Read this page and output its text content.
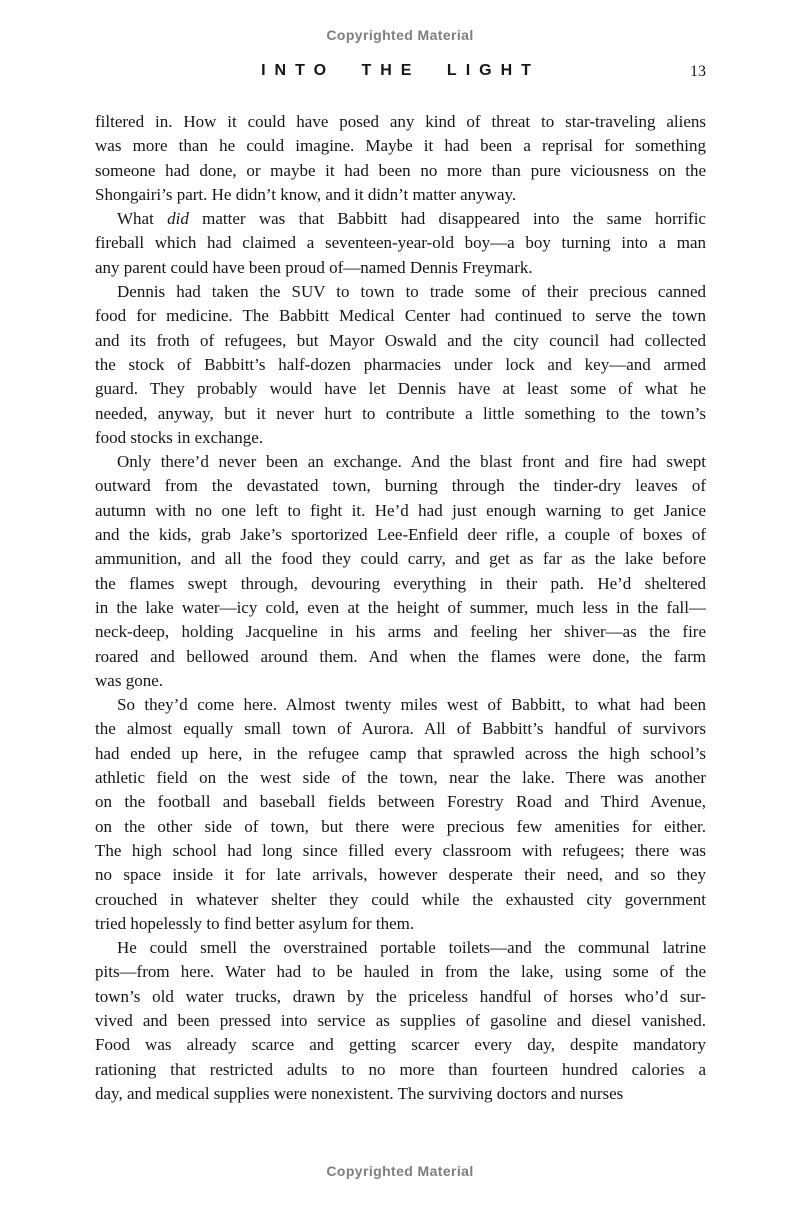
Copyrighted Material
INTO THE LIGHT	13
filtered in. How it could have posed any kind of threat to star-traveling aliens
was more than he could imagine. Maybe it had been a reprisal for something
someone had done, or maybe it had been no more than pure viciousness on the
Shongairi’s part. He didn’t know, and it didn’t matter anyway.
What did matter was that Babbitt had disappeared into the same horrific
fireball which had claimed a seventeen-year-old boy—a boy turning into a man
any parent could have been proud of—named Dennis Freymark.
Dennis had taken the SUV to town to trade some of their precious canned
food for medicine. The Babbitt Medical Center had continued to serve the town
and its froth of refugees, but Mayor Oswald and the city council had collected
the stock of Babbitt’s half-dozen pharmacies under lock and key—and armed
guard. They probably would have let Dennis have at least some of what he
needed, anyway, but it never hurt to contribute a little something to the town’s
food stocks in exchange.
Only there’d never been an exchange. And the blast front and fire had swept
outward from the devastated town, burning through the tinder-dry leaves of
autumn with no one left to fight it. He’d had just enough warning to get Janice
and the kids, grab Jake’s sportorized Lee-Enfield deer rifle, a couple of boxes of
ammunition, and all the food they could carry, and get as far as the lake before
the flames swept through, devouring everything in their path. He’d sheltered
in the lake water—icy cold, even at the height of summer, much less in the fall—
neck-deep, holding Jacqueline in his arms and feeling her shiver—as the fire
roared and bellowed around them. And when the flames were done, the farm
was gone.
So they’d come here. Almost twenty miles west of Babbitt, to what had been
the almost equally small town of Aurora. All of Babbitt’s handful of survivors
had ended up here, in the refugee camp that sprawled across the high school’s
athletic field on the west side of the town, near the lake. There was another
on the football and baseball fields between Forestry Road and Third Avenue,
on the other side of town, but there were precious few amenities for either.
The high school had long since filled every classroom with refugees; there was
no space inside it for late arrivals, however desperate their need, and so they
crouched in whatever shelter they could while the exhausted city government
tried hopelessly to find better asylum for them.
He could smell the overstrained portable toilets—and the communal latrine
pits—from here. Water had to be hauled in from the lake, using some of the
town’s old water trucks, drawn by the priceless handful of horses who’d sur-
vived and been pressed into service as supplies of gasoline and diesel vanished.
Food was already scarce and getting scarcer every day, despite mandatory
rationing that restricted adults to no more than fourteen hundred calories a
day, and medical supplies were nonexistent. The surviving doctors and nurses
Copyrighted Material
